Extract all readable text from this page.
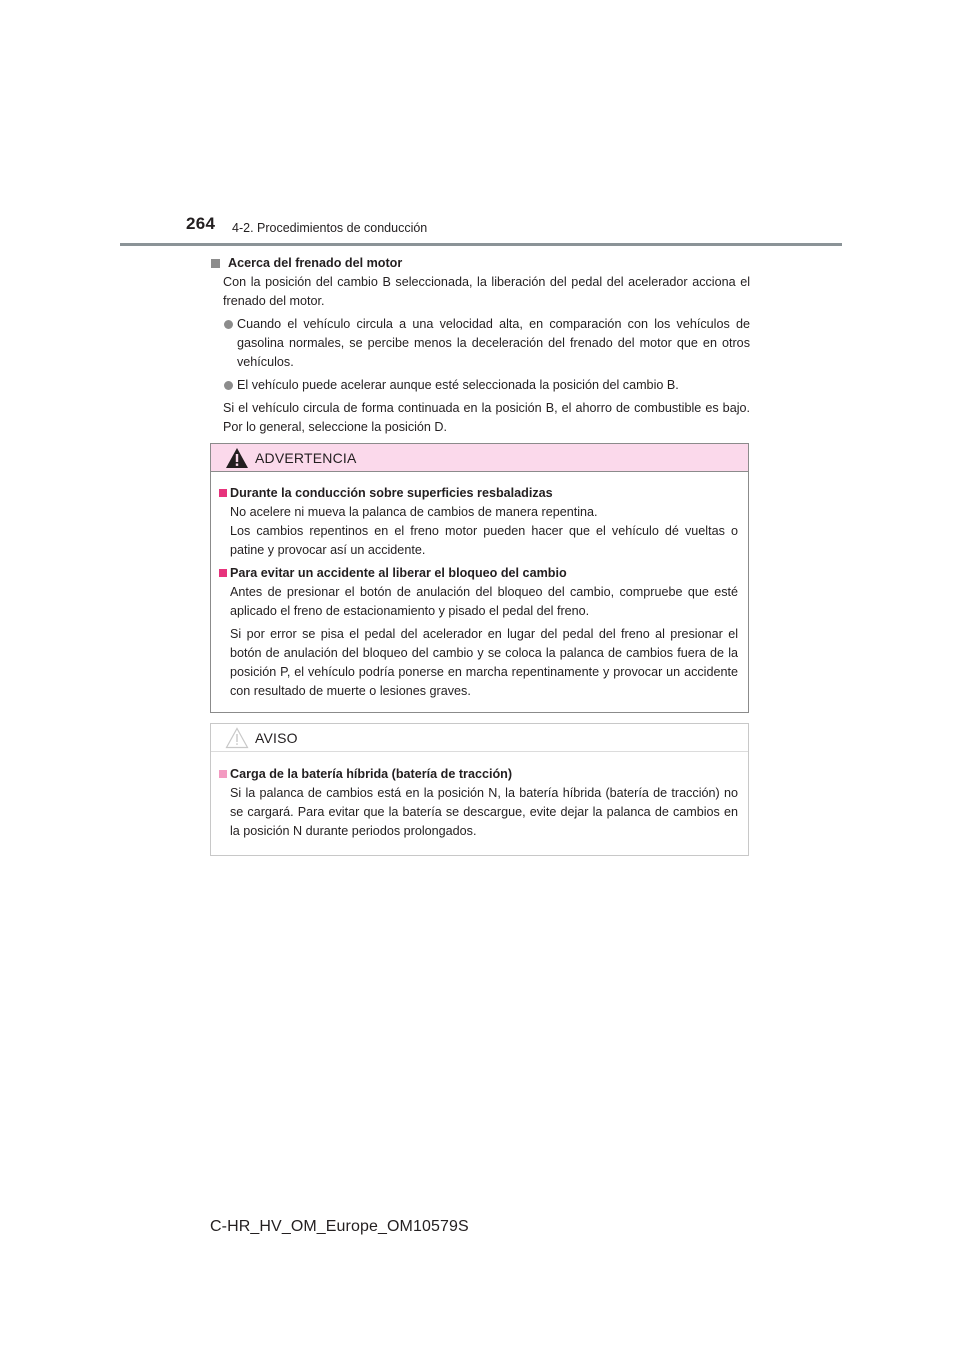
264 4-2. Procedimientos de conducción
Acerca del frenado del motor

Con la posición del cambio B seleccionada, la liberación del pedal del acelerador acciona el frenado del motor.

Cuando el vehículo circula a una velocidad alta, en comparación con los vehículos de gasolina normales, se percibe menos la deceleración del frenado del motor que en otros vehículos.
El vehículo puede acelerar aunque esté seleccionada la posición del cambio B.

Si el vehículo circula de forma continuada en la posición B, el ahorro de combustible es bajo. Por lo general, seleccione la posición D.

ADVERTENCIA
Durante la conducción sobre superficies resbaladizas

No acelere ni mueva la palanca de cambios de manera repentina.

Los cambios repentinos en el freno motor pueden hacer que el vehículo dé vueltas o patine y provocar así un accidente.

Para evitar un accidente al liberar el bloqueo del cambio

Antes de presionar el botón de anulación del bloqueo del cambio, compruebe que esté aplicado el freno de estacionamiento y pisado el pedal del freno.

Si por error se pisa el pedal del acelerador en lugar del pedal del freno al presionar el botón de anulación del bloqueo del cambio y se coloca la palanca de cambios fuera de la posición P, el vehículo podría ponerse en marcha repentinamente y provocar un accidente con resultado de muerte o lesiones graves.

AVISO
Carga de la batería híbrida (batería de tracción)

Si la palanca de cambios está en la posición N, la batería híbrida (batería de tracción) no se cargará. Para evitar que la batería se descargue, evite dejar la palanca de cambios en la posición N durante periodos prolongados.

C-HR_HV_OM_Europe_OM10579S
